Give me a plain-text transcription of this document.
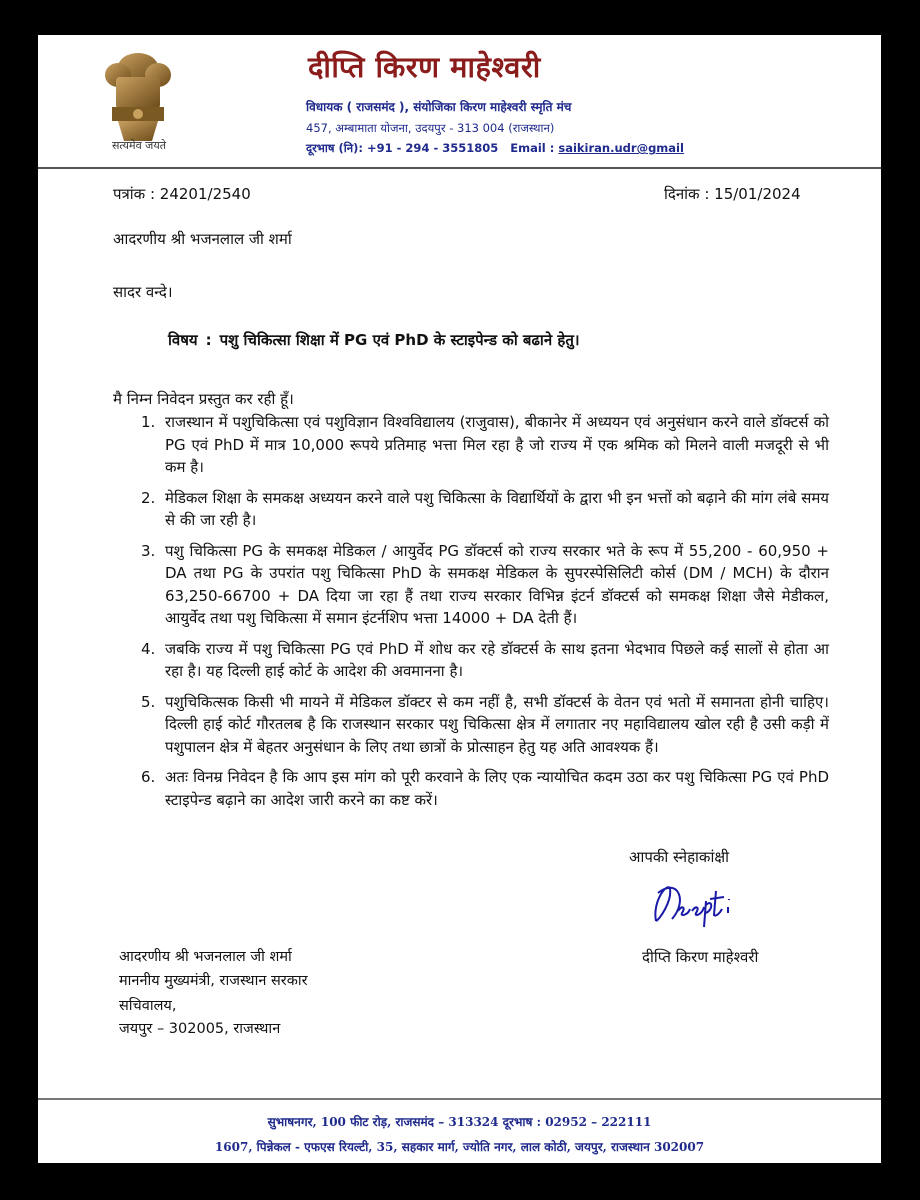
सत्यमेव जयते
दीप्ति किरण माहेश्वरी
विधायक ( राजसमंद ), संयोजिका किरण माहेश्वरी स्मृति मंच
457, अम्बामाता योजना, उदयपुर - 313 004 (राजस्थान)
दूरभाष (नि): +91 - 294 - 3551805 Email : saikiran.udr@gmail
पत्रांक : 24201/2540	दिनांक : 15/01/2024
आदरणीय श्री भजनलाल जी शर्मा
सादर वन्दे।
विषय : पशु चिकित्सा शिक्षा में PG एवं PhD के स्टाइपेन्ड को बढाने हेतु।
मै निम्न निवेदन प्रस्तुत कर रही हूँ।
1. राजस्थान में पशुचिकित्सा एवं पशुविज्ञान विश्वविद्यालय (राजुवास), बीकानेर में अध्ययन एवं अनुसंधान करने वाले डॉक्टर्स को PG एवं PhD में मात्र 10,000 रूपये प्रतिमाह भत्ता मिल रहा है जो राज्य में एक श्रमिक को मिलने वाली मजदूरी से भी कम है।
2. मेडिकल शिक्षा के समकक्ष अध्ययन करने वाले पशु चिकित्सा के विद्यार्थियों के द्वारा भी इन भत्तों को बढ़ाने की मांग लंबे समय से की जा रही है।
3. पशु चिकित्सा PG के समकक्ष मेडिकल / आयुर्वेद PG डॉक्टर्स को राज्य सरकार भते के रूप में 55,200 - 60,950 + DA तथा PG के उपरांत पशु चिकित्सा PhD के समकक्ष मेडिकल के सुपरस्पेसिलिटी कोर्स (DM / MCH) के दौरान 63,250-66700 + DA दिया जा रहा हैं तथा राज्य सरकार विभिन्न इंटर्न डॉक्टर्स को समकक्ष शिक्षा जैसे मेडीकल, आयुर्वेद तथा पशु चिकित्सा में समान इंटर्नशिप भत्ता 14000 + DA देती हैं।
4. जबकि राज्य में पशु चिकित्सा PG एवं PhD में शोध कर रहे डॉक्टर्स के साथ इतना भेदभाव पिछले कई सालों से होता आ रहा है। यह दिल्ली हाई कोर्ट के आदेश की अवमानना है।
5. पशुचिकित्सक किसी भी मायने में मेडिकल डॉक्टर से कम नहीं है, सभी डॉक्टर्स के वेतन एवं भतो में समानता होनी चाहिए। दिल्ली हाई कोर्ट गौरतलब है कि राजस्थान सरकार पशु चिकित्सा क्षेत्र में लगातार नए महाविद्यालय खोल रही है उसी कड़ी में पशुपालन क्षेत्र में बेहतर अनुसंधान के लिए तथा छात्रों के प्रोत्साहन हेतु यह अति आवश्यक हैं।
6. अतः विनम्र निवेदन है कि आप इस मांग को पूरी करवाने के लिए एक न्यायोचित कदम उठा कर पशु चिकित्सा PG एवं PhD स्टाइपेन्ड बढ़ाने का आदेश जारी करने का कष्ट करें।
आपकी स्नेहाकांक्षी
दीप्ति किरण माहेश्वरी
आदरणीय श्री भजनलाल जी शर्मा
माननीय मुख्यमंत्री, राजस्थान सरकार
सचिवालय,
जयपुर – 302005, राजस्थान
सुभाषनगर, 100 फीट रोड़, राजसमंद – 313324 दूरभाष : 02952 – 222111
1607, पिन्नेकल - एफएस रियल्टी, 35, सहकार मार्ग, ज्योति नगर, लाल कोठी, जयपुर, राजस्थान 302007
